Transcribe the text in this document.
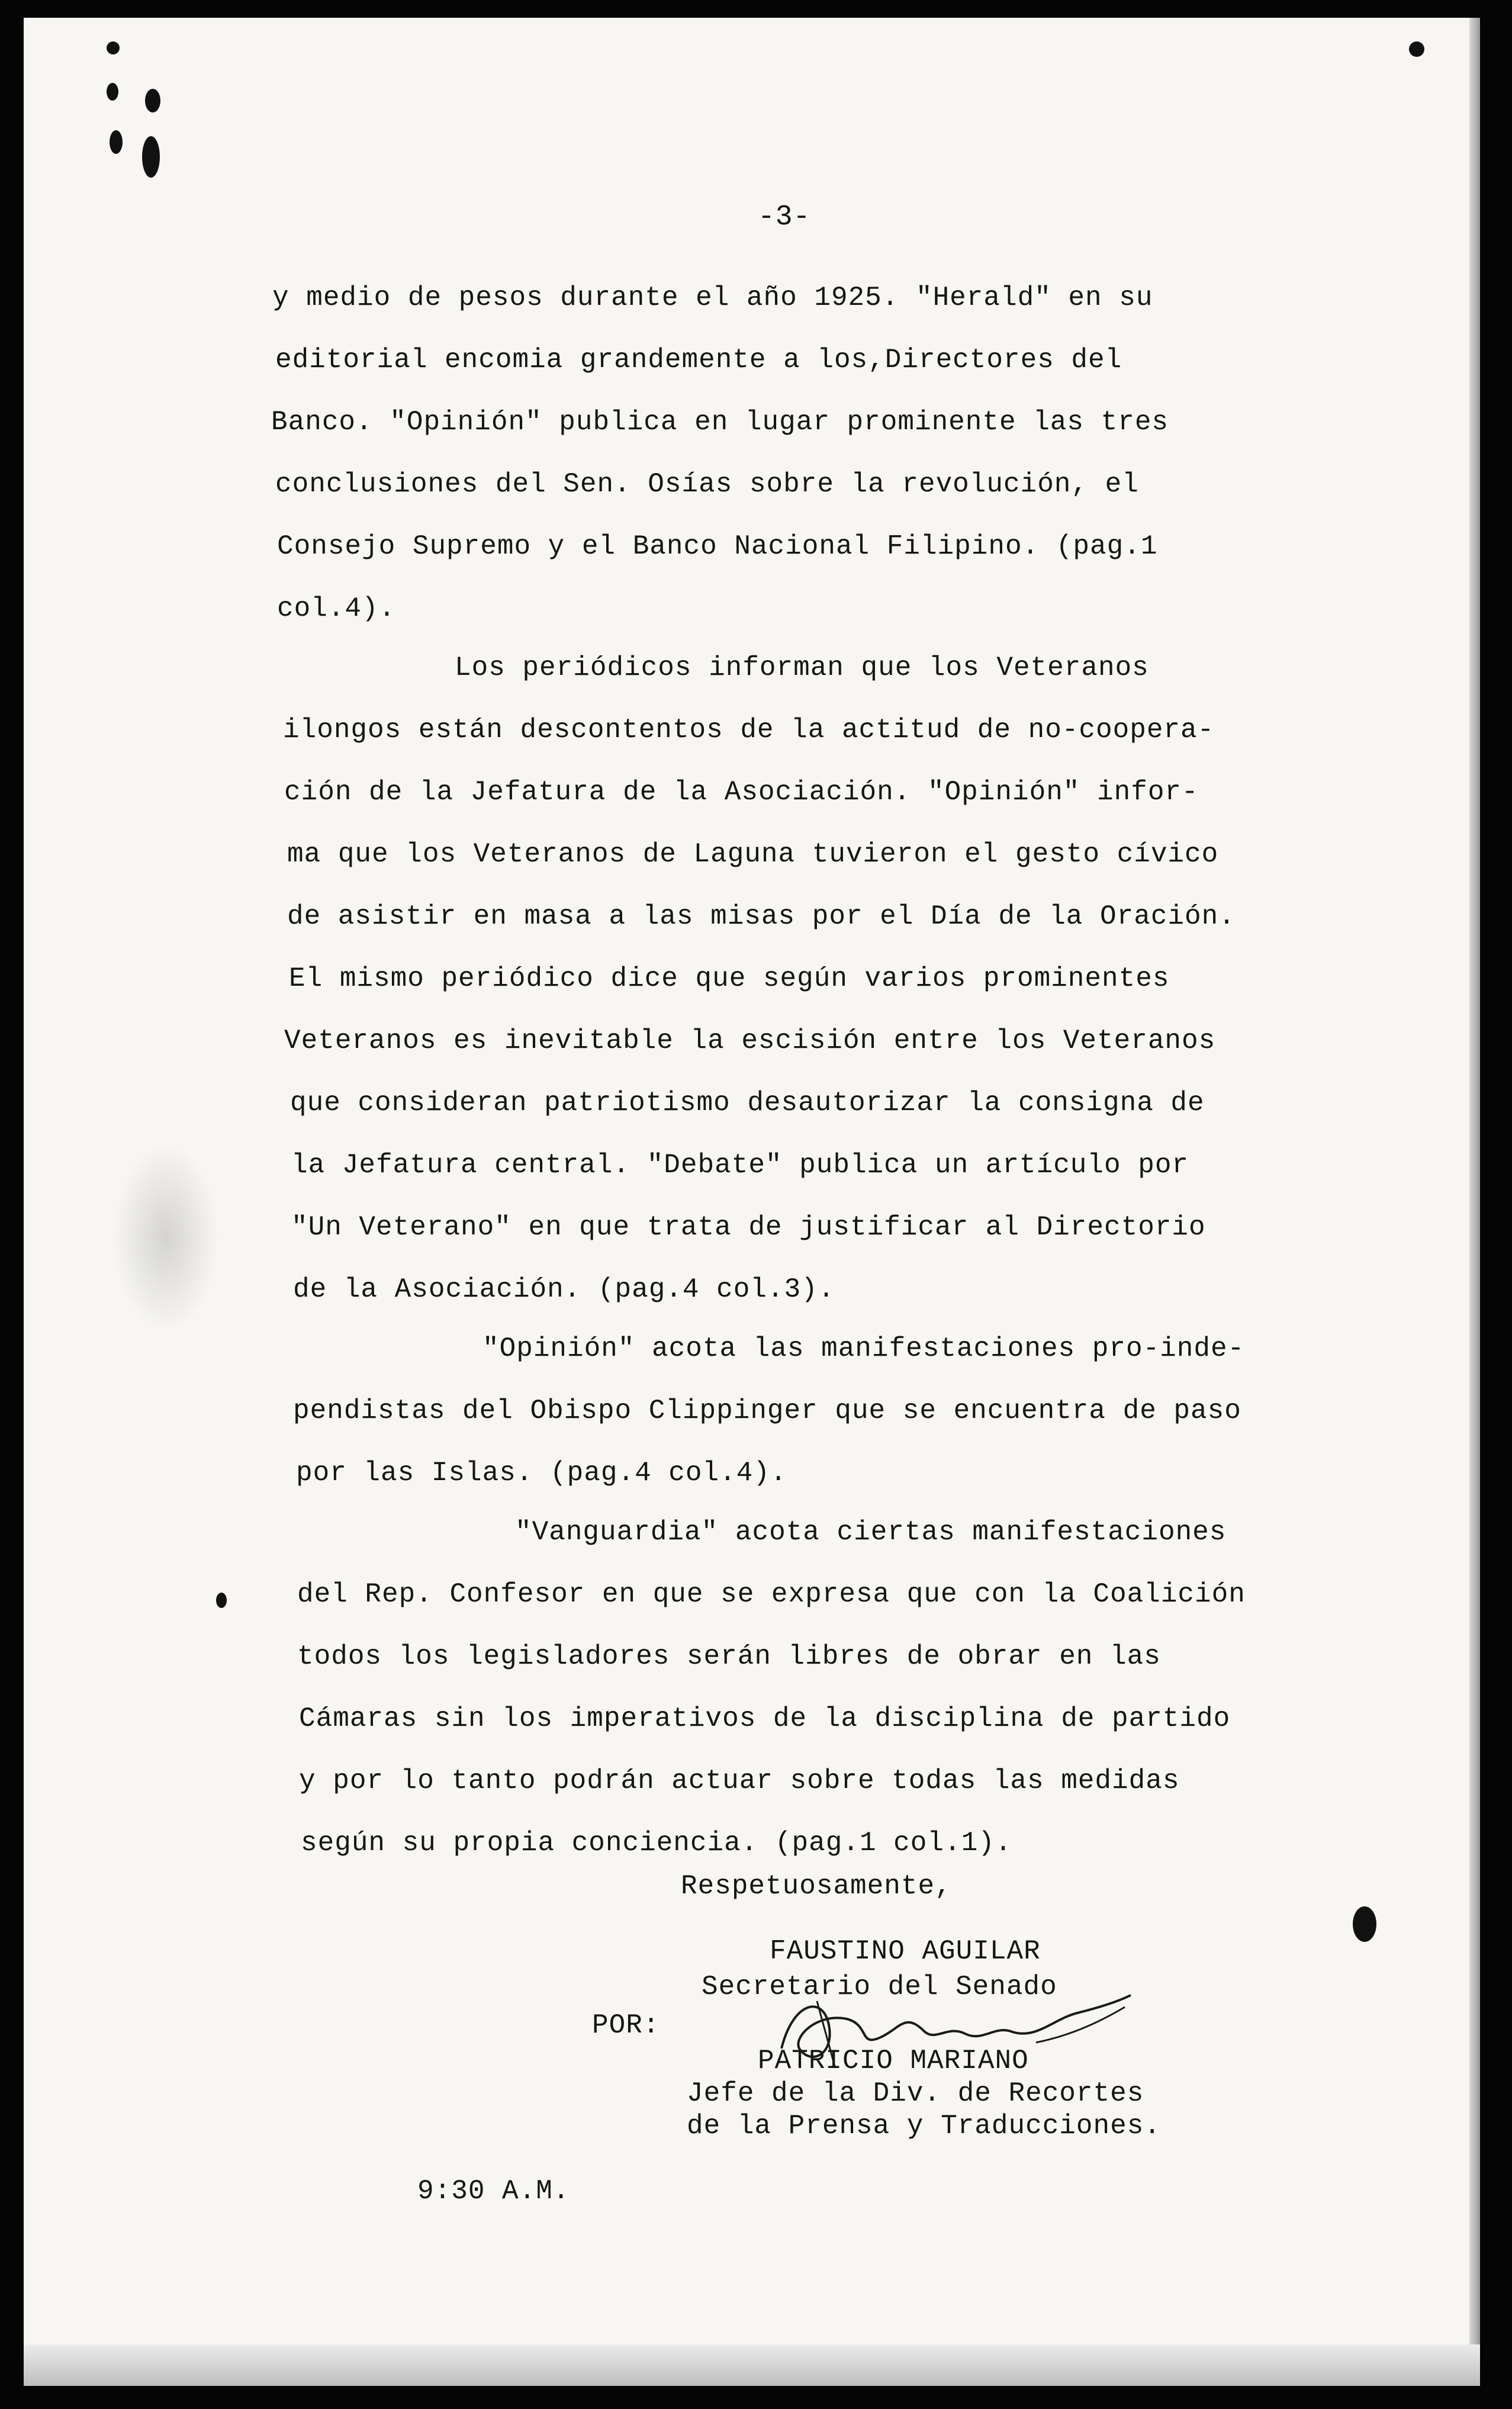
-3-

y medio de pesos durante el año 1925. "Herald" en su

editorial encomia grandemente a los,Directores del

Banco. "Opinión" publica en lugar prominente las tres

conclusiones del Sen. Osías sobre la revolución, el

Consejo Supremo y el Banco Nacional Filipino. (pag.1

col.4).

Los periódicos informan que los Veteranos

ilongos están descontentos de la actitud de no-coopera-

ción de la Jefatura de la Asociación. "Opinión" infor-

ma que los Veteranos de Laguna tuvieron el gesto cívico

de asistir en masa a las misas por el Día de la Oración.

El mismo periódico dice que según varios prominentes

Veteranos es inevitable la escisión entre los Veteranos

que consideran patriotismo desautorizar la consigna de

la Jefatura central. "Debate" publica un artículo por

"Un Veterano" en que trata de justificar al Directorio

de la Asociación. (pag.4 col.3).

"Opinión" acota las manifestaciones pro-inde-

pendistas del Obispo Clippinger que se encuentra de paso

por las Islas. (pag.4 col.4).

"Vanguardia" acota ciertas manifestaciones

del Rep. Confesor en que se expresa que con la Coalición

todos los legisladores serán libres de obrar en las

Cámaras sin los imperativos de la disciplina de partido

y por lo tanto podrán actuar sobre todas las medidas

según su propia conciencia. (pag.1 col.1).

Respetuosamente,

FAUSTINO AGUILAR

Secretario del Senado

POR:

PATRICIO MARIANO

Jefe de la Div. de Recortes

de la Prensa y Traducciones.

9:30 A.M.
